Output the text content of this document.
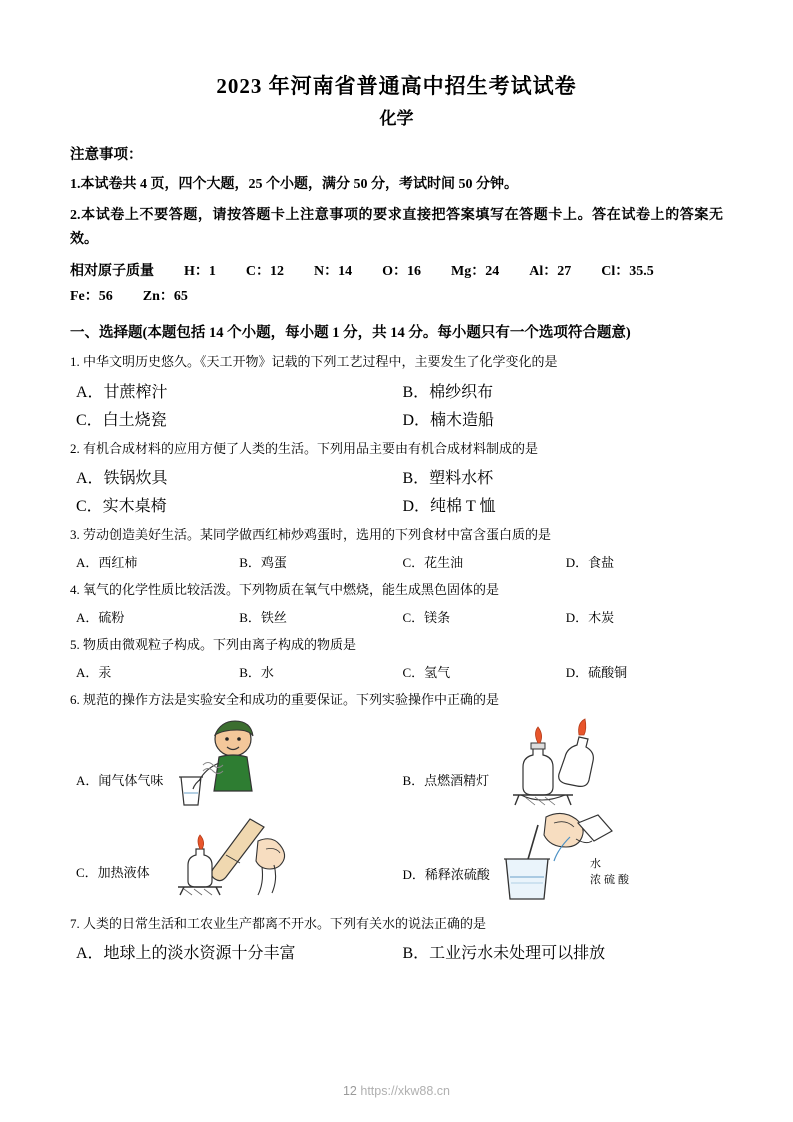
2023 年河南省普通高中招生考试试卷
化学
注意事项：
1.本试卷共 4 页，四个大题，25 个小题，满分 50 分，考试时间 50 分钟。
2.本试卷上不要答题，请按答题卡上注意事项的要求直接把答案填写在答题卡上。答在试卷上的答案无效。
相对原子质量 H：1 C：12 N：14 O：16 Mg：24 Al：27 Cl：35.5Fe：56 Zn：65
一、选择题(本题包括 14 个小题，每小题 1 分，共 14 分。每小题只有一个选项符合题意)
1. 中华文明历史悠久。《天工开物》记载的下列工艺过程中，主要发生了化学变化的是
A．甘蔗榨汁	B．棉纱织布
C．白土烧瓷	D．楠木造船
2. 有机合成材料的应用方便了人类的生活。下列用品主要由有机合成材料制成的是
A．铁锅炊具	B．塑料水杯
C．实木桌椅	D．纯棉 T 恤
3. 劳动创造美好生活。某同学做西红柿炒鸡蛋时，选用的下列食材中富含蛋白质的是
A．西红柿	B．鸡蛋	C．花生油	D．食盐
4. 氧气的化学性质比较活泼。下列物质在氧气中燃烧，能生成黑色固体的是
A．硫粉	B．铁丝	C．镁条	D．木炭
5. 物质由微观粒子构成。下列由离子构成的物质是
A．汞	B．水	C．氢气	D．硫酸铜
6. 规范的操作方法是实验安全和成功的重要保证。下列实验操作中正确的是
A．闻气体气味	B．点燃酒精灯
C．加热液体	D．稀释浓硫酸
水
浓 硫 酸
7. 人类的日常生活和工农业生产都离不开水。下列有关水的说法正确的是
A．地球上的淡水资源十分丰富	B．工业污水未处理可以排放
12 https://xkw88.cn
